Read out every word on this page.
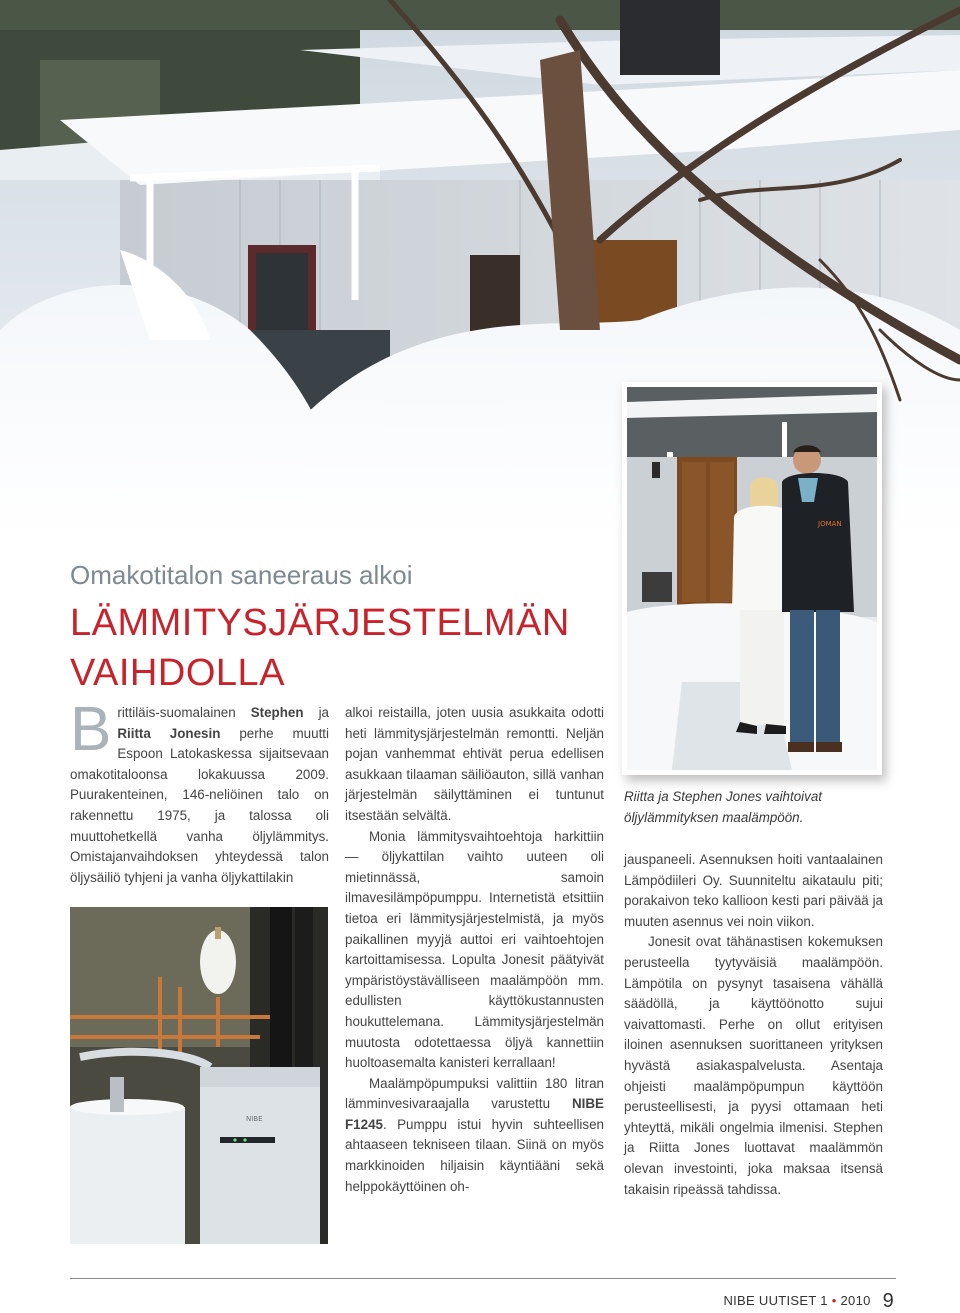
Omakotitalon saneeraus alkoi
LÄMMITYSJÄRJESTELMÄN
VAIHDOLLA

Brittiläis-suomalainen Stephen ja Riitta Jonesin perhe muutti Espoon Latokaskessa sijaitsevaan omakotitaloonsa lokakuussa 2009. Puurakenteinen, 146-neliöinen talo on rakennettu 1975, ja talossa oli muuttohetkellä vanha öljylämmitys. Omistajanvaihdoksen yhteydessä talon öljysäiliö tyhjeni ja vanha öljykattilakin

NIBE

alkoi reistailla, joten uusia asukkaita odotti heti lämmitysjärjestelmän remontti. Neljän pojan vanhemmat ehtivät perua edellisen asukkaan tilaaman säiliöauton, sillä vanhan järjestelmän säilyttäminen ei tuntunut itsestään selvältä.

Monia lämmitysvaihtoehtoja harkittiin — öljykattilan vaihto uuteen oli mietinnässä, samoin ilmavesilämpöpumppu. Internetistä etsittiin tietoa eri lämmitysjärjestelmistä, ja myös paikallinen myyjä auttoi eri vaihtoehtojen kartoittamisessa. Lopulta Jonesit päätyivät ympäristöystävälliseen maalämpöön mm. edullisten käyttökustannusten houkuttelemana. Lämmitysjärjestelmän muutosta odotettaessa öljyä kannettiin huoltoasemalta kanisteri kerrallaan!

Maalämpöpumpuksi valittiin 180 litran lämminvesivaraajalla varustettu NIBE F1245. Pumppu istui hyvin suhteellisen ahtaaseen tekniseen tilaan. Siinä on myös markkinoiden hiljaisin käyntiääni sekä helppokäyttöinen oh-

JOMAN

Riitta ja Stephen Jones vaihtoivat öljylämmityksen maalämpöön.

jauspaneeli. Asennuksen hoiti vantaalainen Lämpödiileri Oy. Suunniteltu aikataulu piti; porakaivon teko kallioon kesti pari päivää ja muuten asennus vei noin viikon.

Jonesit ovat tähänastisen kokemuksen perusteella tyytyväisiä maalämpöön. Lämpötila on pysynyt tasaisena vähällä säädöllä, ja käyttöönotto sujui vaivattomasti. Perhe on ollut erityisen iloinen asennuksen suorittaneen yrityksen hyvästä asiakaspalvelusta. Asentaja ohjeisti maalämpöpumpun käyttöön perusteellisesti, ja pyysi ottamaan heti yhteyttä, mikäli ongelmia ilmenisi. Stephen ja Riitta Jones luottavat maalämmön olevan investointi, joka maksaa itsensä takaisin ripeässä tahdissa.

NIBE UUTISET 1 • 2010 9
